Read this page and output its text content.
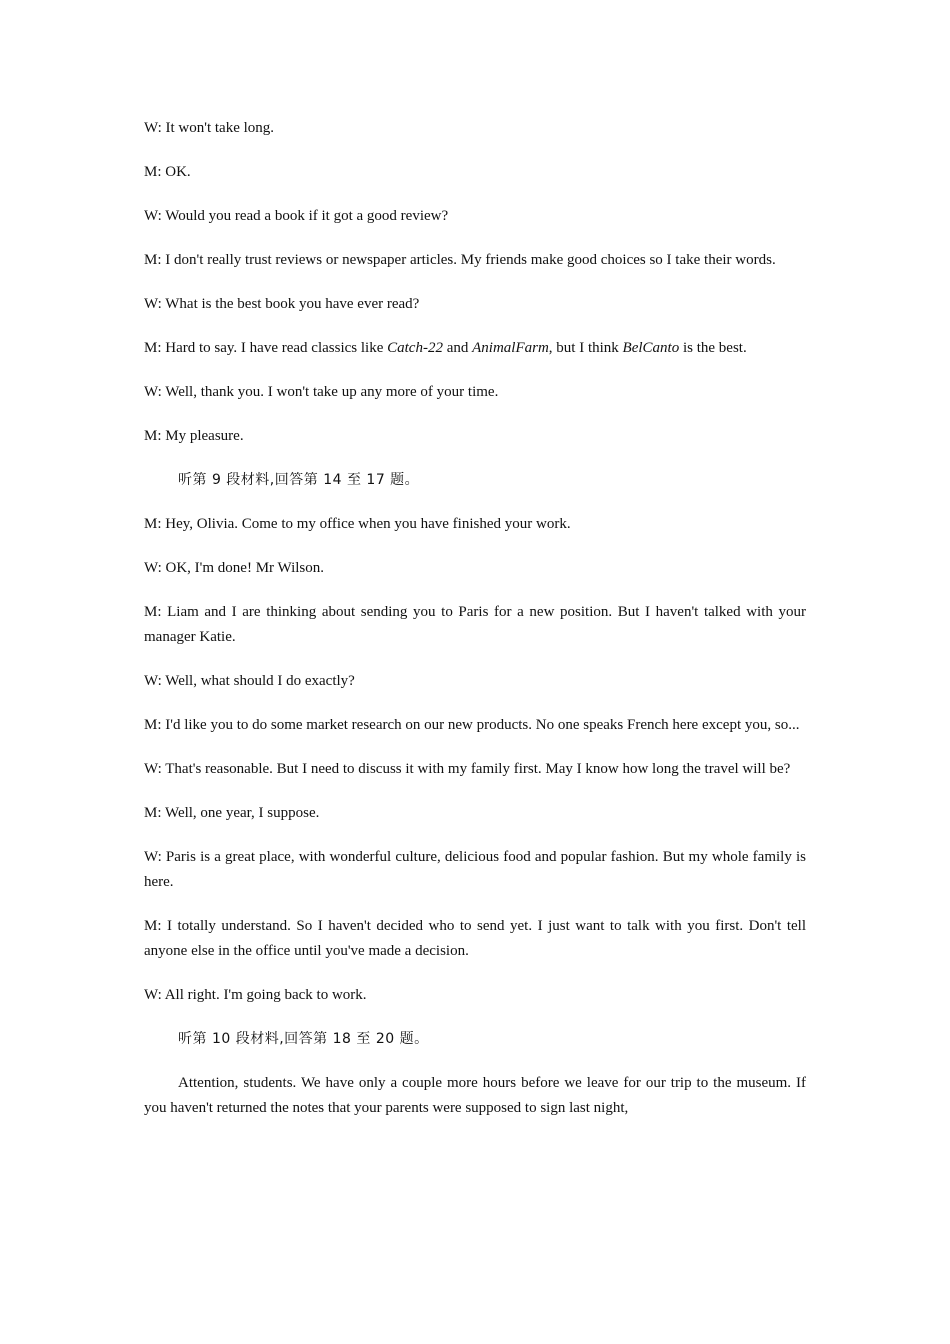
W: It won't take long.

M: OK.

W: Would you read a book if it got a good review?

M: I don't really trust reviews or newspaper articles. My friends make good choices so I take their words.

W: What is the best book you have ever read?

M: Hard to say. I have read classics like Catch-22 and AnimalFarm, but I think BelCanto is the best.

W: Well, thank you. I won't take up any more of your time.

M: My pleasure.

听第 9 段材料,回答第 14 至 17 题。

M: Hey, Olivia. Come to my office when you have finished your work.

W: OK, I'm done! Mr Wilson.

M: Liam and I are thinking about sending you to Paris for a new position. But I haven't talked with your manager Katie.

W: Well, what should I do exactly?

M: I'd like you to do some market research on our new products. No one speaks French here except you, so...

W: That's reasonable. But I need to discuss it with my family first. May I know how long the travel will be?

M: Well, one year, I suppose.

W: Paris is a great place, with wonderful culture, delicious food and popular fashion. But my whole family is here.

M: I totally understand. So I haven't decided who to send yet. I just want to talk with you first. Don't tell anyone else in the office until you've made a decision.

W: All right. I'm going back to work.

听第 10 段材料,回答第 18 至 20 题。

Attention, students. We have only a couple more hours before we leave for our trip to the museum. If you haven't returned the notes that your parents were supposed to sign last night,
